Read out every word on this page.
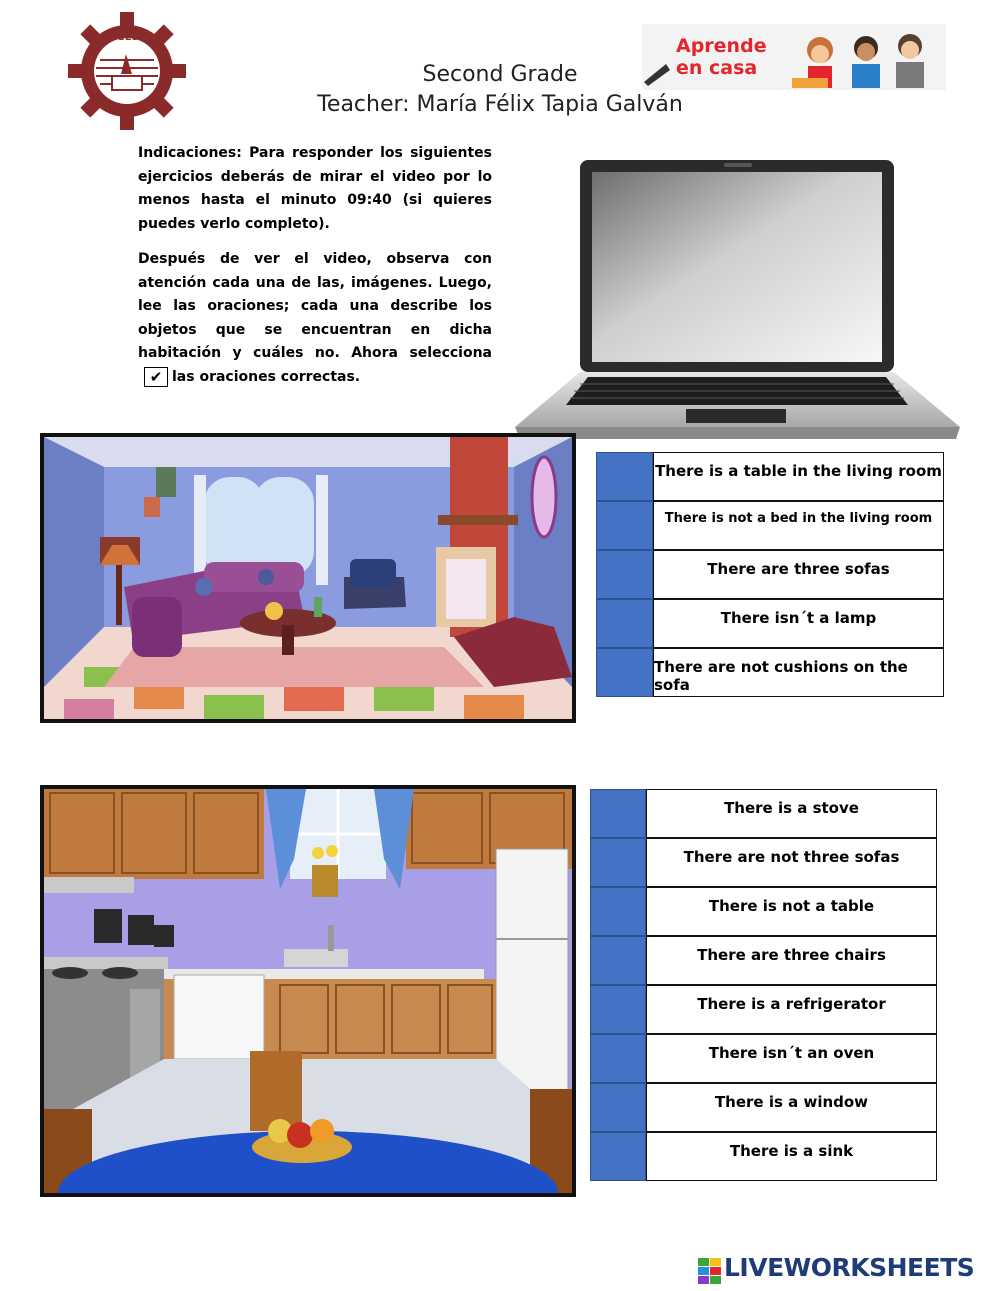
DGEST
Second Grade
Teacher: María Félix Tapia Galván
Aprende
en casa

Indicaciones: Para responder los siguientes ejercicios deberás de mirar el video por lo menos hasta el minuto 09:40 (si quieres puedes verlo completo).

Después de ver el video, observa con atención cada una de las, imágenes. Luego, lee las oraciones; cada una describe los objetos que se encuentran en dicha habitación y cuáles no. Ahora selecciona✔ las oraciones correctas.

There is a table in the living room
There is not a bed in the living room
There are three sofas
There isn´t a lamp
There are not cushions on the sofa
There is a stove
There are not three sofas
There is not a table
There are three chairs
There is a refrigerator
There isn´t an oven
There is a window
There is a sink
LIVEWORKSHEETS
